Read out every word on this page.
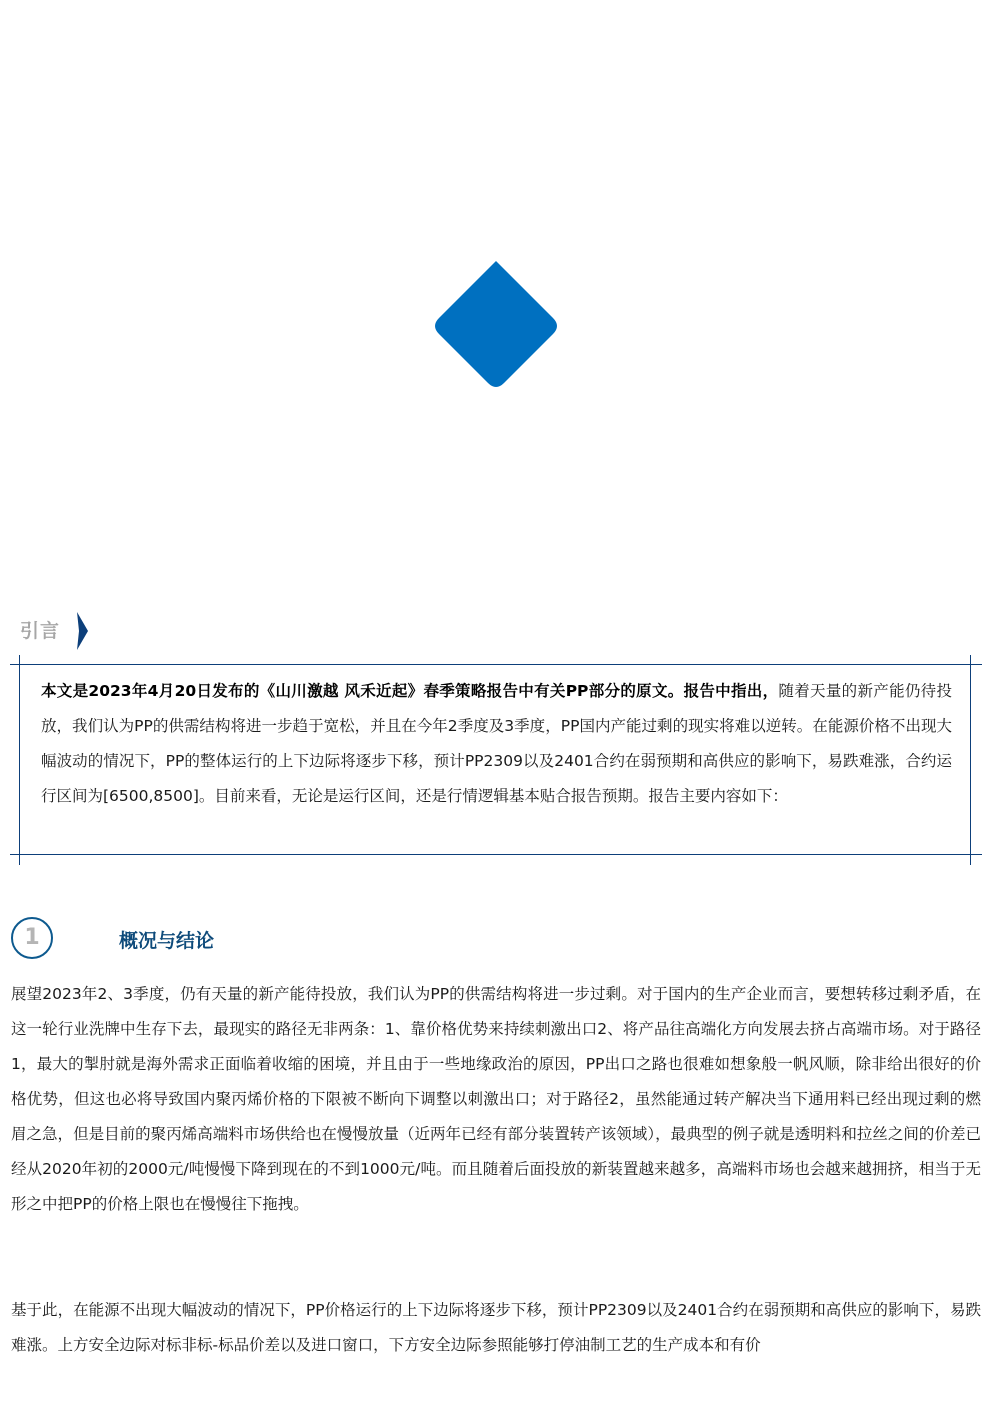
引言
本文是2023年4月20日发布的《山川激越 风禾近起》春季策略报告中有关PP部分的原文。报告中指出，随着天量的新产能仍待投放，我们认为PP的供需结构将进一步趋于宽松，并且在今年2季度及3季度，PP国内产能过剩的现实将难以逆转。在能源价格不出现大幅波动的情况下，PP的整体运行的上下边际将逐步下移，预计PP2309以及2401合约在弱预期和高供应的影响下，易跌难涨，合约运行区间为[6500,8500]。目前来看，无论是运行区间，还是行情逻辑基本贴合报告预期。报告主要内容如下：
1	概况与结论
展望2023年2、3季度，仍有天量的新产能待投放，我们认为PP的供需结构将进一步过剩。对于国内的生产企业而言，要想转移过剩矛盾，在这一轮行业洗牌中生存下去，最现实的路径无非两条：1、靠价格优势来持续刺激出口2、将产品往高端化方向发展去挤占高端市场。对于路径1，最大的掣肘就是海外需求正面临着收缩的困境，并且由于一些地缘政治的原因，PP出口之路也很难如想象般一帆风顺，除非给出很好的价格优势，但这也必将导致国内聚丙烯价格的下限被不断向下调整以刺激出口；对于路径2，虽然能通过转产解决当下通用料已经出现过剩的燃眉之急，但是目前的聚丙烯高端料市场供给也在慢慢放量（近两年已经有部分装置转产该领域），最典型的例子就是透明料和拉丝之间的价差已经从2020年初的2000元/吨慢慢下降到现在的不到1000元/吨。而且随着后面投放的新装置越来越多，高端料市场也会越来越拥挤，相当于无形之中把PP的价格上限也在慢慢往下拖拽。
基于此，在能源不出现大幅波动的情况下，PP价格运行的上下边际将逐步下移，预计PP2309以及2401合约在弱预期和高供应的影响下，易跌难涨。上方安全边际对标非标-标品价差以及进口窗口，下方安全边际参照能够打停油制工艺的生产成本和有价
